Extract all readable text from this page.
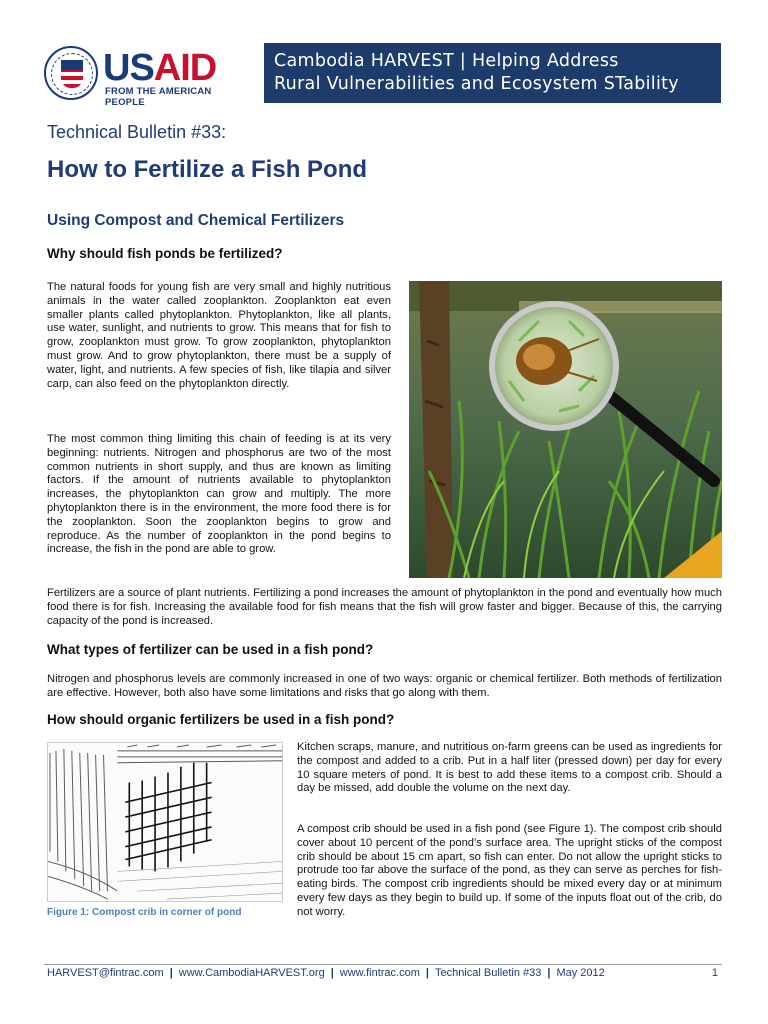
USAID
FROM THE AMERICAN PEOPLE
Cambodia HARVEST | Helping Address
Rural Vulnerabilities and Ecosystem STability
Technical Bulletin #33:
How to Fertilize a Fish Pond
Using Compost and Chemical Fertilizers
Why should fish ponds be fertilized?

The natural foods for young fish are very small and highly nutritious animals in the water called zooplankton. Zooplankton eat even smaller plants called phytoplankton. Phytoplankton, like all plants, use water, sunlight, and nutrients to grow. This means that for fish to grow, zooplankton must grow. To grow zooplankton, phytoplankton must grow. And to grow phytoplankton, there must be a supply of water, light, and nutrients. A few species of fish, like tilapia and silver carp, can also feed on the phytoplankton directly.

The most common thing limiting this chain of feeding is at its very beginning: nutrients. Nitrogen and phosphorus are two of the most common nutrients in short supply, and thus are known as limiting factors. If the amount of nutrients available to phytoplankton increases, the phytoplankton can grow and multiply. The more phytoplankton there is in the environment, the more food there is for the zooplankton. Soon the zooplankton begins to grow and reproduce. As the number of zooplankton in the pond begins to increase, the fish in the pond are able to grow.

Fertilizers are a source of plant nutrients. Fertilizing a pond increases the amount of phytoplankton in the pond and eventually how much food there is for fish. Increasing the available food for fish means that the fish will grow faster and bigger. Because of this, the carrying capacity of the pond is increased.

What types of fertilizer can be used in a fish pond?

Nitrogen and phosphorus levels are commonly increased in one of two ways: organic or chemical fertilizer. Both methods of fertilization are effective. However, both also have some limitations and risks that go along with them.

How should organic fertilizers be used in a fish pond?
Figure 1: Compost crib in corner of pond

Kitchen scraps, manure, and nutritious on-farm greens can be used as ingredients for the compost and added to a crib. Put in a half liter (pressed down) per day for every 10 square meters of pond. It is best to add these items to a compost crib. Should a day be missed, add double the volume on the next day.

A compost crib should be used in a fish pond (see Figure 1). The compost crib should cover about 10 percent of the pond’s surface area. The upright sticks of the compost crib should be about 15 cm apart, so fish can enter. Do not allow the upright sticks to protrude too far above the surface of the pond, as they can serve as perches for fish-eating birds. The compost crib ingredients should be mixed every day or at minimum every few days as they begin to build up. If some of the inputs float out of the crib, do not worry.

HARVEST@fintrac.com | www.CambodiaHARVEST.org | www.fintrac.com | Technical Bulletin #33 | May 2012	1
